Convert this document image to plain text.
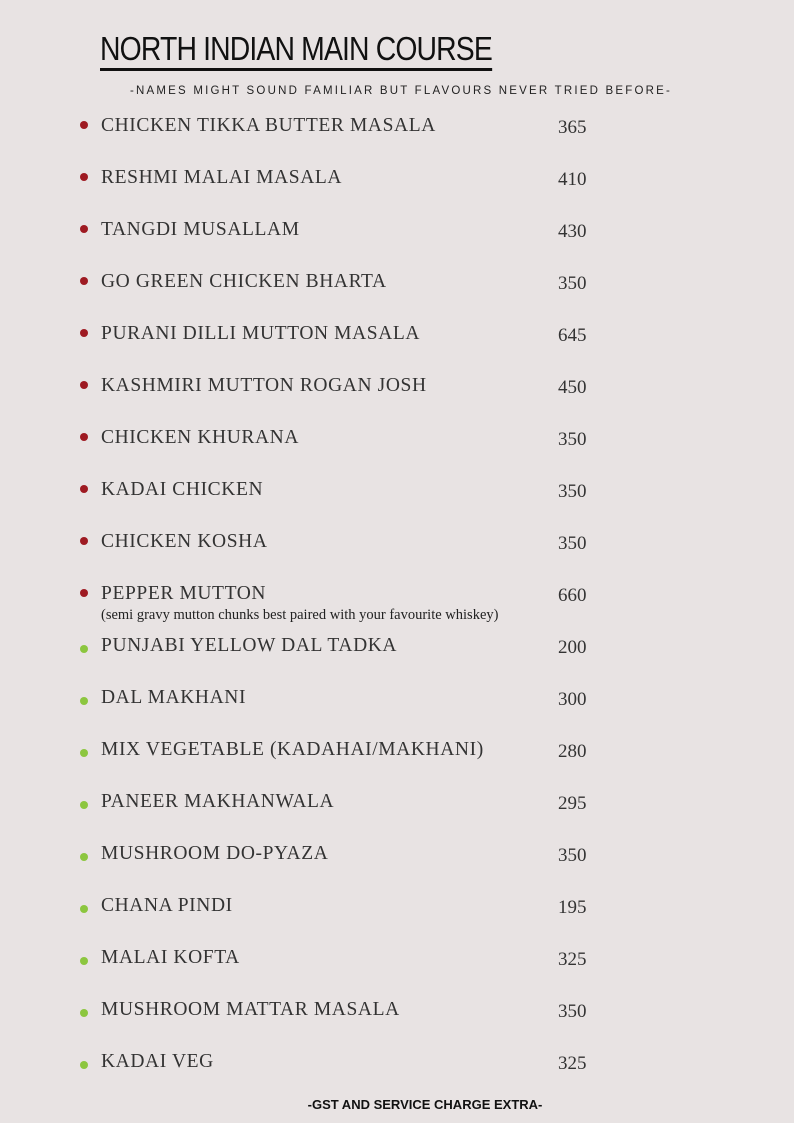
NORTH INDIAN MAIN COURSE
-NAMES MIGHT SOUND FAMILIAR BUT FLAVOURS NEVER TRIED BEFORE-
CHICKEN TIKKA BUTTER MASALA	365
RESHMI MALAI MASALA	410
TANGDI MUSALLAM	430
GO GREEN CHICKEN BHARTA	350
PURANI DILLI MUTTON MASALA	645
KASHMIRI MUTTON ROGAN JOSH	450
CHICKEN KHURANA	350
KADAI CHICKEN	350
CHICKEN KOSHA	350
PEPPER MUTTON	660
(semi gravy mutton chunks best paired with your favourite whiskey)
PUNJABI YELLOW DAL TADKA	200
DAL MAKHANI	300
MIX VEGETABLE (KADAHAI/MAKHANI)	280
PANEER MAKHANWALA	295
MUSHROOM DO-PYAZA	350
CHANA PINDI	195
MALAI KOFTA	325
MUSHROOM MATTAR MASALA	350
KADAI VEG	325
-GST AND SERVICE CHARGE EXTRA-
